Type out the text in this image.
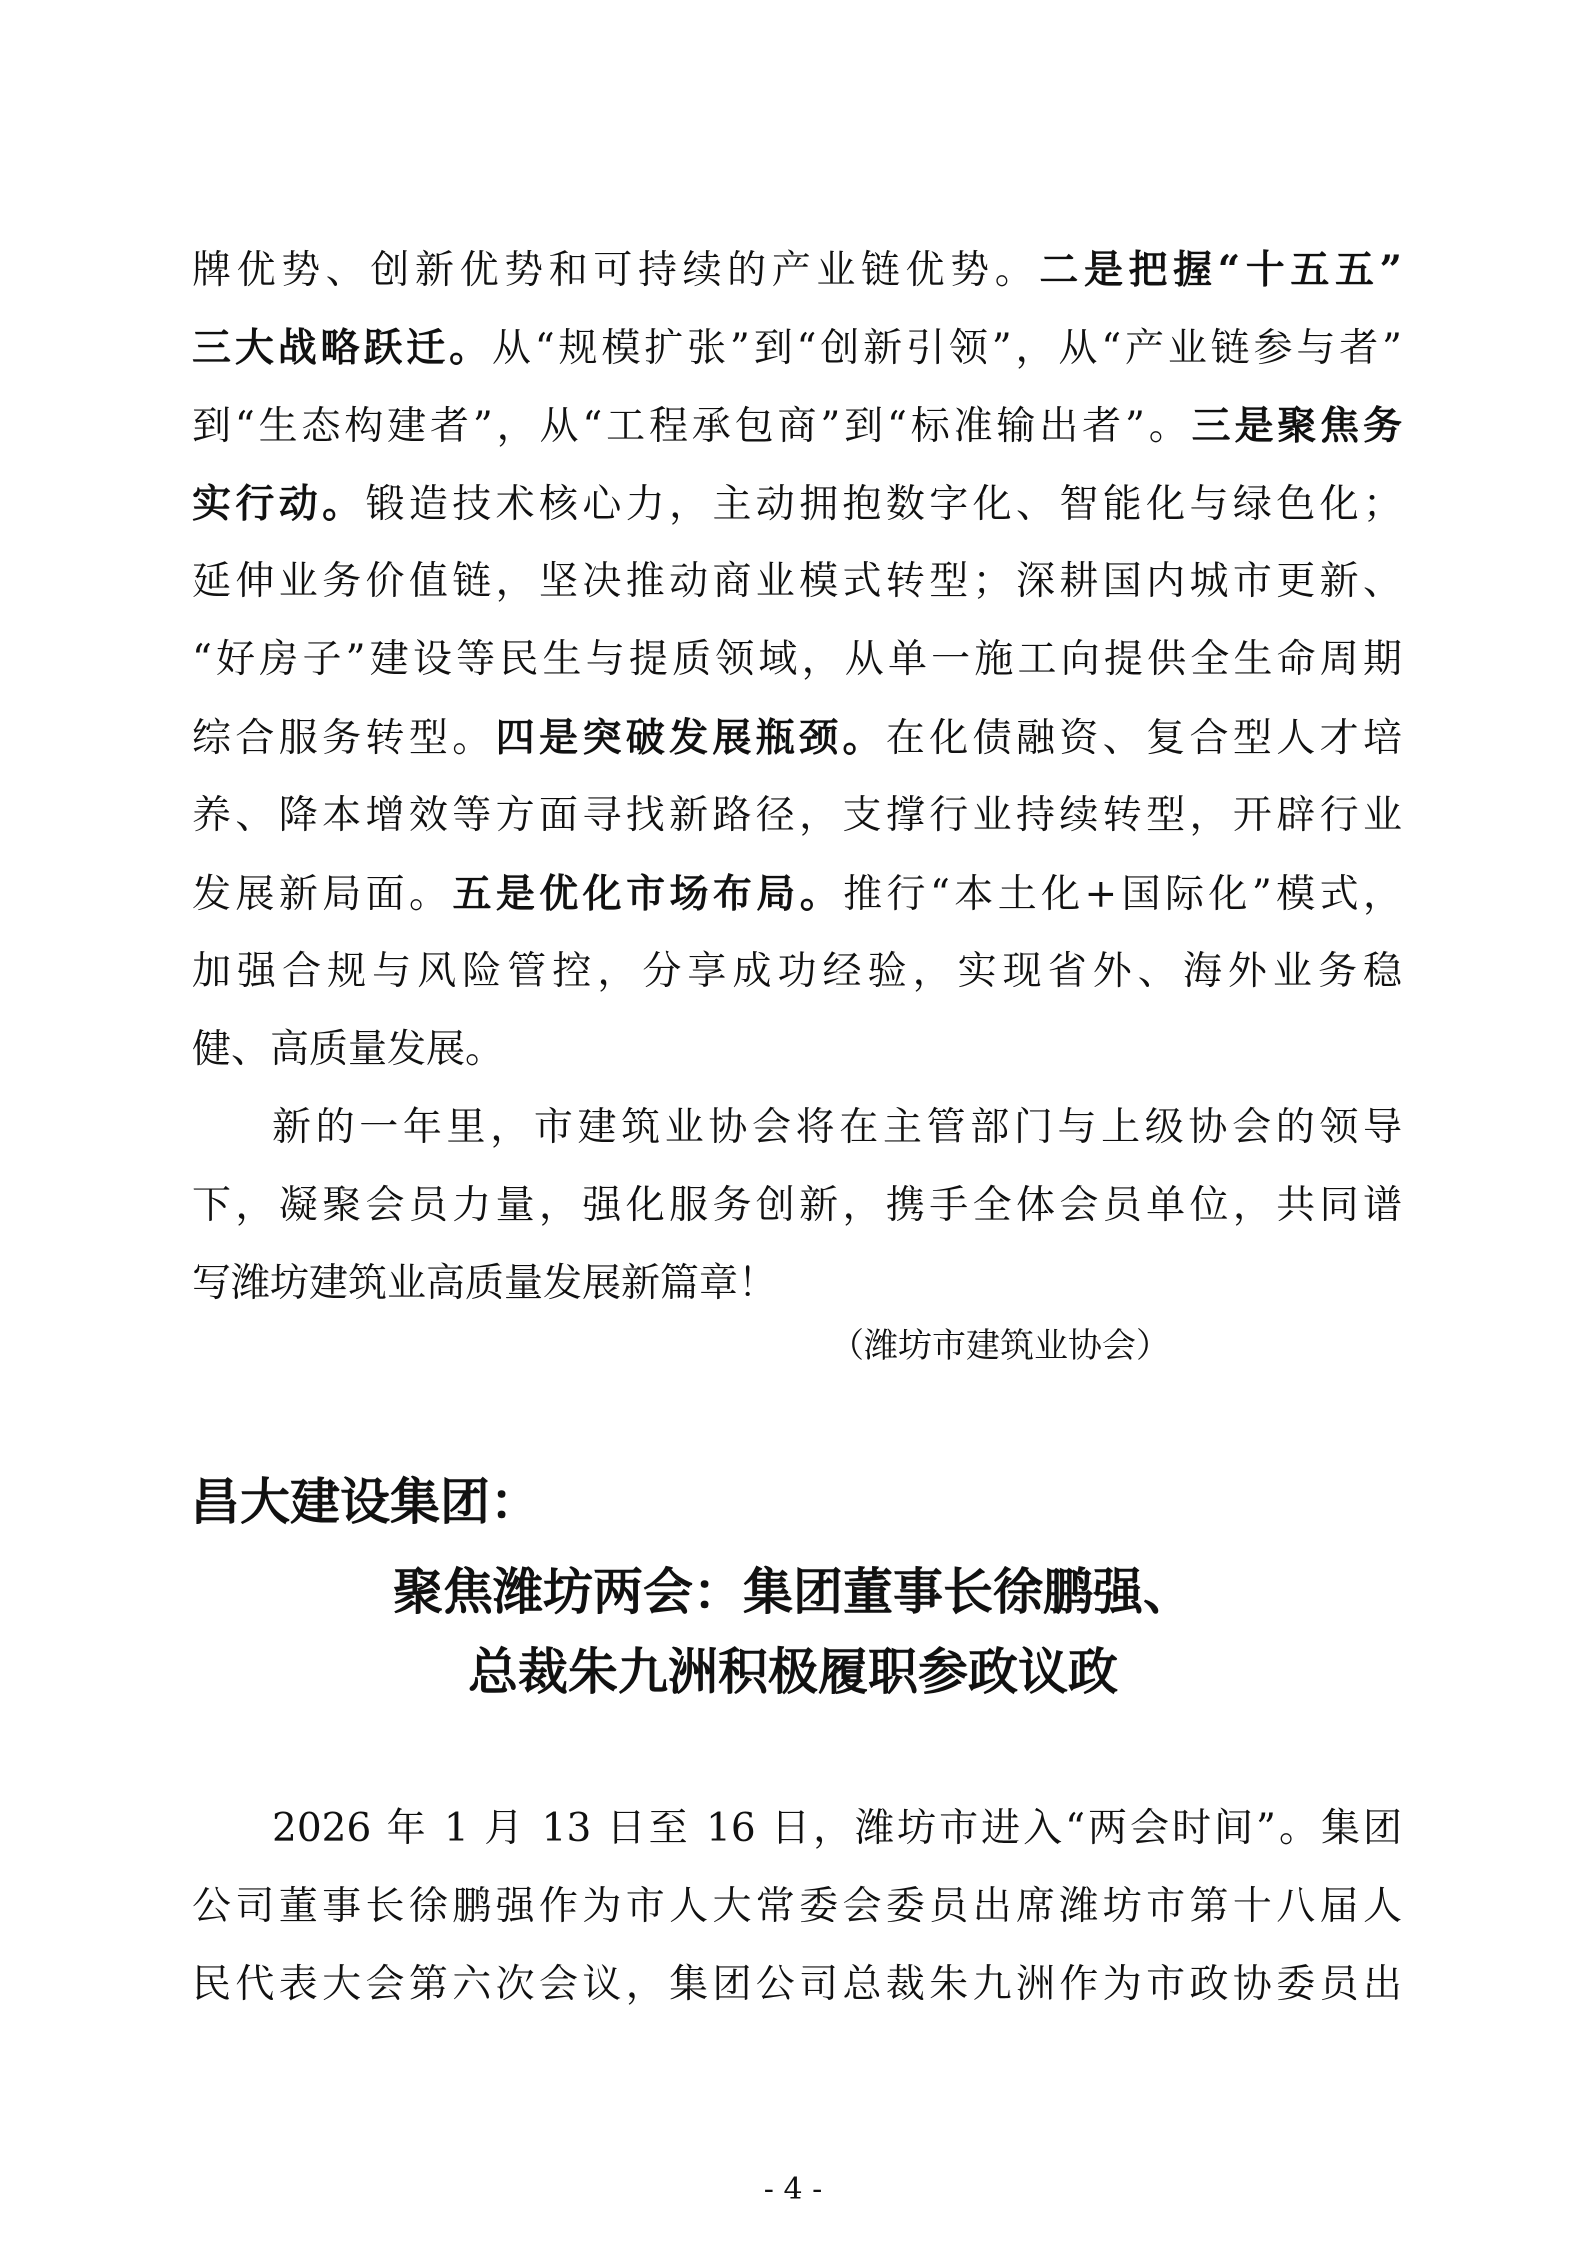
牌优势、创新优势和可持续的产业链优势。二是把握“十五五”
三大战略跃迁。从“规模扩张”到“创新引领”，从“产业链参与者”
到“生态构建者”，从“工程承包商”到“标准输出者”。三是聚焦务
实行动。锻造技术核心力，主动拥抱数字化、智能化与绿色化；
延伸业务价值链，坚决推动商业模式转型；深耕国内城市更新、
“好房子”建设等民生与提质领域，从单一施工向提供全生命周期
综合服务转型。四是突破发展瓶颈。在化债融资、复合型人才培
养、降本增效等方面寻找新路径，支撑行业持续转型，开辟行业
发展新局面。五是优化市场布局。推行“本土化+国际化”模式，
加强合规与风险管控，分享成功经验，实现省外、海外业务稳
健、高质量发展。
新的一年里，市建筑业协会将在主管部门与上级协会的领导
下，凝聚会员力量，强化服务创新，携手全体会员单位，共同谱
写潍坊建筑业高质量发展新篇章！
（潍坊市建筑业协会）
昌大建设集团：
聚焦潍坊两会：集团董事长徐鹏强、
总裁朱九洲积极履职参政议政
2026 年 1 月 13 日至 16 日，潍坊市进入“两会时间”。集团
公司董事长徐鹏强作为市人大常委会委员出席潍坊市第十八届人
民代表大会第六次会议，集团公司总裁朱九洲作为市政协委员出
- 4 -
